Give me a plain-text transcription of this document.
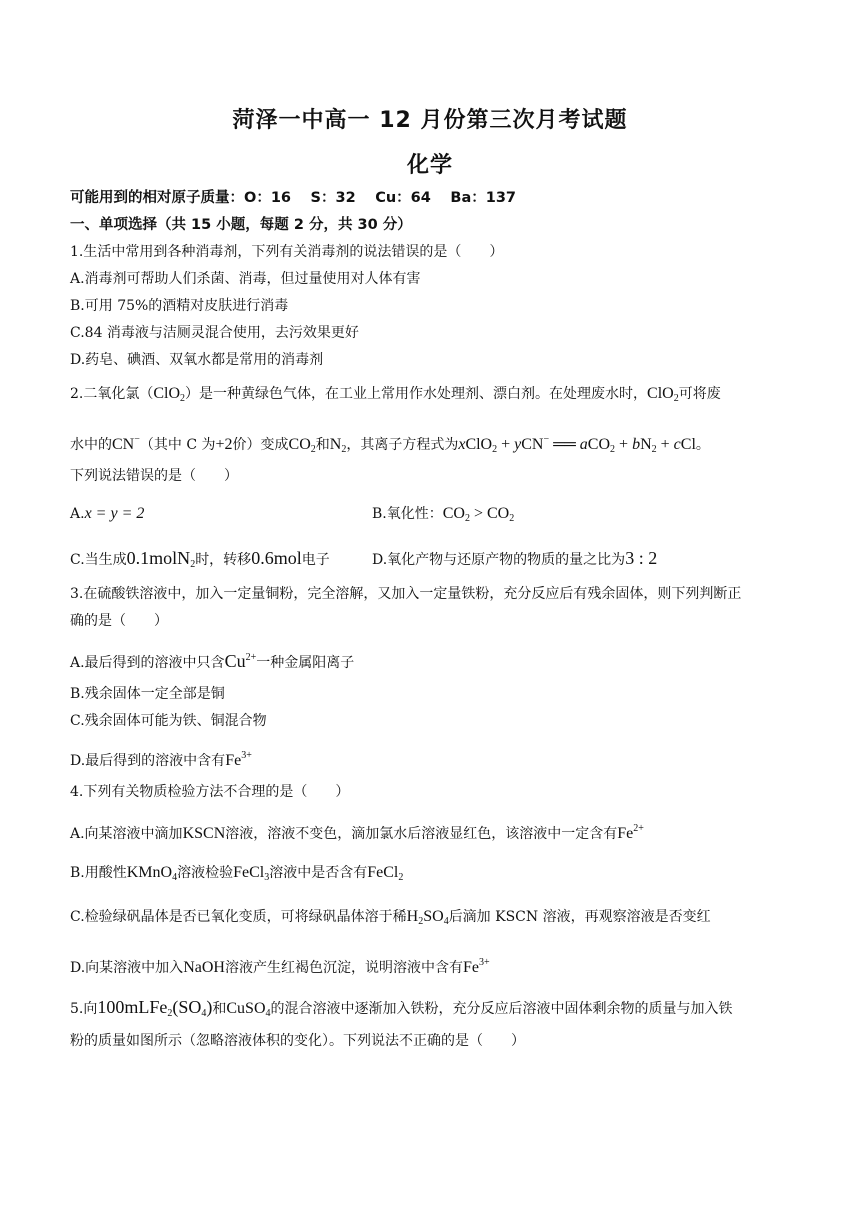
菏泽一中高一 12 月份第三次月考试题
化学
可能用到的相对原子质量：O：16　 S：32　 Cu：64　 Ba：137
一、单项选择（共 15 小题，每题 2 分，共 30 分）
1.生活中常用到各种消毒剂，下列有关消毒剂的说法错误的是（　　）
A.消毒剂可帮助人们杀菌、消毒，但过量使用对人体有害
B.可用 75%的酒精对皮肤进行消毒
C.84 消毒液与洁厕灵混合使用，去污效果更好
D.药皂、碘酒、双氧水都是常用的消毒剂
2.二氧化氯（ClO$_2$）是一种黄绿色气体，在工业上常用作水处理剂、漂白剂。在处理废水时，ClO$_2$可将废
水中的CN−（其中 C 为+2价）变成$CO_2$和$N_2$，其离子方程式为xClO$_2$ + yCN− ══ $aCO_2 + bN_2$ + cCl。
下列说法错误的是（　　）
A.x = y = 2	B.氧化性：$CO_2 > CO_2$
C.当生成0.1molN$_2$时，转移0.6mol电子	D.氧化产物与还原产物的物质的量之比为3 : 2
3.在硫酸铁溶液中，加入一定量铜粉，完全溶解，又加入一定量铁粉，充分反应后有残余固体，则下列判断正
确的是（　　）
A.最后得到的溶液中只含$Cu^{2+}$一种金属阳离子
B.残余固体一定全部是铜
C.残余固体可能为铁、铜混合物
D.最后得到的溶液中含有$Fe^{3+}$
4.下列有关物质检验方法不合理的是（　　）
A.向某溶液中滴加KSCN溶液，溶液不变色，滴加氯水后溶液显红色，该溶液中一定含有$Fe^{2+}$
B.用酸性KMnO$_4$溶液检验FeCl$_3$溶液中是否含有FeCl$_2$
C.检验绿矾晶体是否已氧化变质，可将绿矾晶体溶于稀$H_2SO_4$后滴加 KSCN 溶液，再观察溶液是否变红
D.向某溶液中加入NaOH溶液产生红褐色沉淀，说明溶液中含有$Fe^{3+}$
5.向$100mLFe_2(SO_4)$和CuSO$_4$的混合溶液中逐渐加入铁粉，充分反应后溶液中固体剩余物的质量与加入铁
粉的质量如图所示（忽略溶液体积的变化）。下列说法不正确的是（　　）
